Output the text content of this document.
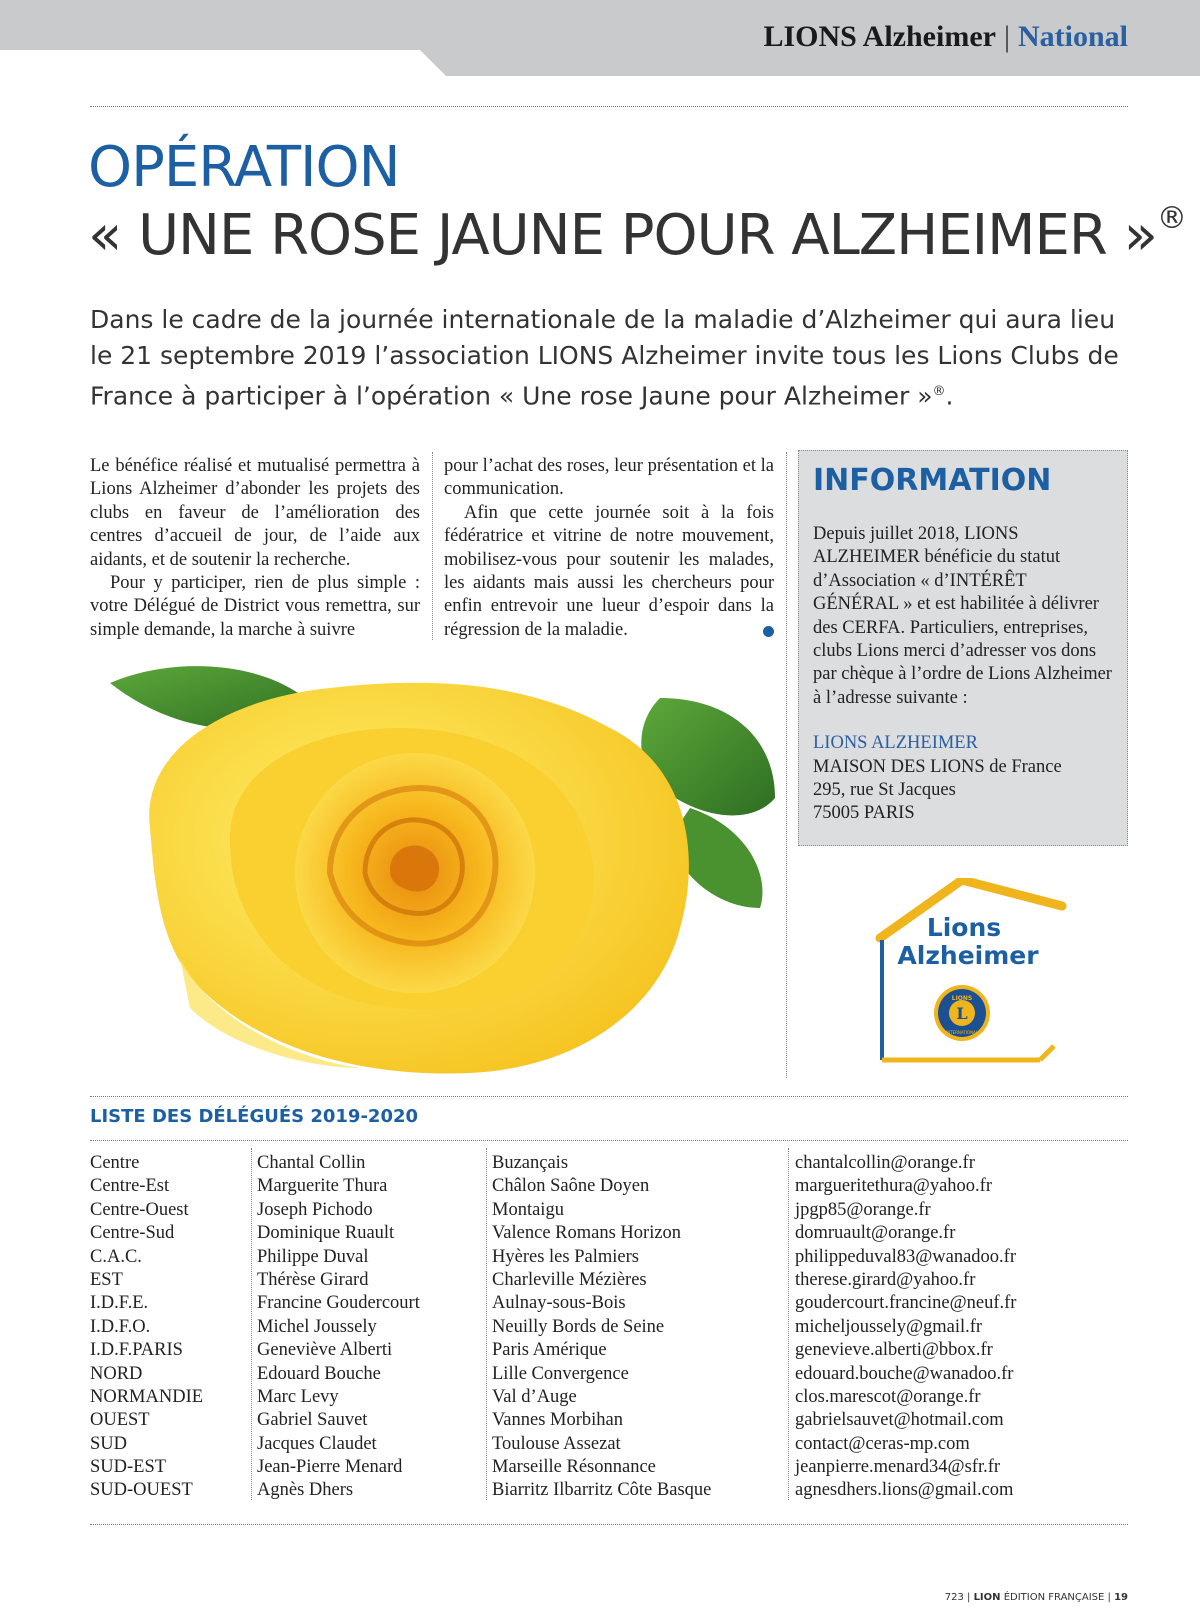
LIONS Alzheimer | National
OPÉRATION
« UNE ROSE JAUNE POUR ALZHEIMER »®
Dans le cadre de la journée internationale de la maladie d’Alzheimer qui aura lieu le 21 septembre 2019 l’association LIONS Alzheimer invite tous les Lions Clubs de France à participer à l’opération « Une rose Jaune pour Alzheimer »®.

Le bénéfice réalisé et mutualisé permettra à Lions Alzheimer d’abonder les projets des clubs en faveur de l’amélioration des centres d’accueil de jour, de l’aide aux aidants, et de soutenir la recherche.

Pour y participer, rien de plus simple : votre Délégué de District vous remettra, sur simple demande, la marche à suivre

pour l’achat des roses, leur présentation et la communication.

Afin que cette journée soit à la fois fédératrice et vitrine de notre mouvement, mobilisez-vous pour soutenir les malades, les aidants mais aussi les chercheurs pour enfin entrevoir une lueur d’espoir dans la régression de la maladie.

INFORMATION
Depuis juillet 2018, LIONS ALZHEIMER bénéficie du statut d’Association « d’INTÉRÊT GÉNÉRAL » et est habilitée à délivrer des CERFA. Particuliers, entreprises, clubs Lions merci d’adresser vos dons par chèque à l’ordre de Lions Alzheimer à l’adresse suivante :
LIONS ALZHEIMER
MAISON DES LIONS de France
295, rue St Jacques
75005 PARIS
Lions
Alzheimer
L
LIONS
INTERNATIONAL
LISTE DES DÉLÉGUÉS 2019-2020
Centre
Centre-Est
Centre-Ouest
Centre-Sud
C.A.C.
EST
I.D.F.E.
I.D.F.O.
I.D.F.PARIS
NORD
NORMANDIE
OUEST
SUD
SUD-EST
SUD-OUEST
Chantal Collin
Marguerite Thura
Joseph Pichodo
Dominique Ruault
Philippe Duval
Thérèse Girard
Francine Goudercourt
Michel Joussely
Geneviève Alberti
Edouard Bouche
Marc Levy
Gabriel Sauvet
Jacques Claudet
Jean-Pierre Menard
Agnès Dhers
Buzançais
Châlon Saône Doyen
Montaigu
Valence Romans Horizon
Hyères les Palmiers
Charleville Mézières
Aulnay-sous-Bois
Neuilly Bords de Seine
Paris Amérique
Lille Convergence
Val d’Auge
Vannes Morbihan
Toulouse Assezat
Marseille Résonnance
Biarritz Ilbarritz Côte Basque
chantalcollin@orange.fr
margueritethura@yahoo.fr
jpgp85@orange.fr
domruault@orange.fr
philippeduval83@wanadoo.fr
therese.girard@yahoo.fr
goudercourt.francine@neuf.fr
micheljoussely@gmail.fr
genevieve.alberti@bbox.fr
edouard.bouche@wanadoo.fr
clos.marescot@orange.fr
gabrielsauvet@hotmail.com
contact@ceras-mp.com
jeanpierre.menard34@sfr.fr
agnesdhers.lions@gmail.com
723 | LION ÉDITION FRANÇAISE | 19
